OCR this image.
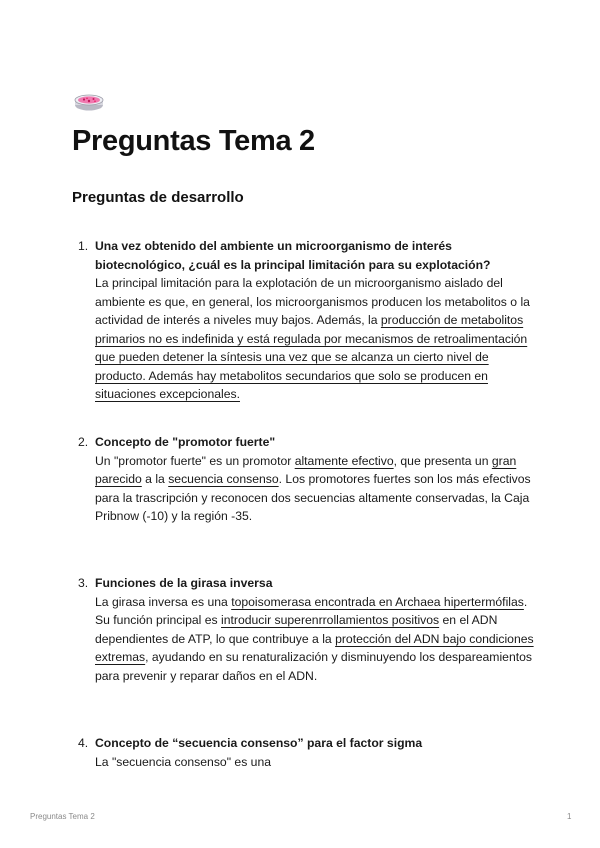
Preguntas Tema 2
Preguntas de desarrollo
1. Una vez obtenido del ambiente un microorganismo de interés biotecnológico, ¿cuál es la principal limitación para su explotación?
La principal limitación para la explotación de un microorganismo aislado del ambiente es que, en general, los microorganismos producen los metabolitos o la actividad de interés a niveles muy bajos. Además, la producción de metabolitos primarios no es indefinida y está regulada por mecanismos de retroalimentación que pueden detener la síntesis una vez que se alcanza un cierto nivel de producto. Además hay metabolitos secundarios que solo se producen en situaciones excepcionales.
2. Concepto de "promotor fuerte"
Un "promotor fuerte" es un promotor altamente efectivo, que presenta un gran parecido a la secuencia consenso. Los promotores fuertes son los más efectivos para la trascripción y reconocen dos secuencias altamente conservadas, la Caja Pribnow (-10) y la región -35.
3. Funciones de la girasa inversa
La girasa inversa es una topoisomerasa encontrada en Archaea hipertermófilas. Su función principal es introducir superenrrollamientos positivos en el ADN dependientes de ATP, lo que contribuye a la protección del ADN bajo condiciones extremas, ayudando en su renaturalización y disminuyendo los despareamientos para prevenir y reparar daños en el ADN.
4. Concepto de “secuencia consenso” para el factor sigma
La "secuencia consenso" es una
Preguntas Tema 2	1
